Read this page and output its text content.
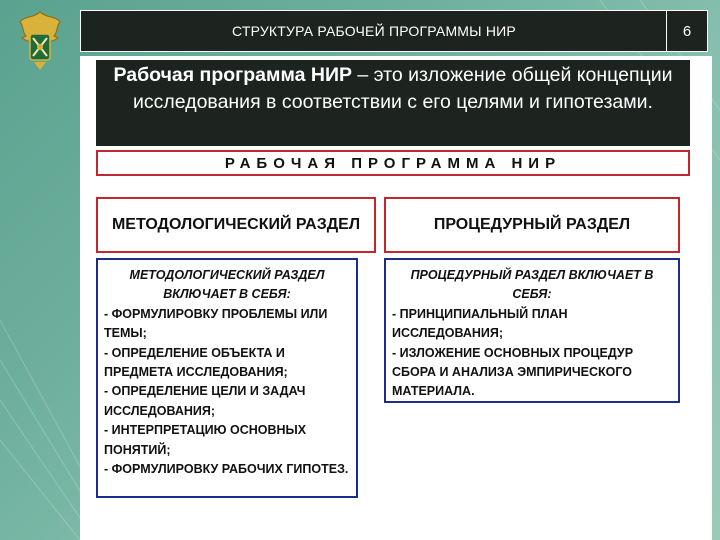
СТРУКТУРА РАБОЧЕЙ ПРОГРАММЫ НИР	6
Рабочая программа НИР – это изложение общей концепции исследования в соответствии с его целями и гипотезами.
РАБОЧАЯ ПРОГРАММА НИР
МЕТОДОЛОГИЧЕСКИЙ РАЗДЕЛ	ПРОЦЕДУРНЫЙ РАЗДЕЛ
МЕТОДОЛОГИЧЕСКИЙ РАЗДЕЛ ВКЛЮЧАЕТ В СЕБЯ:
- ФОРМУЛИРОВКУ ПРОБЛЕМЫ ИЛИ ТЕМЫ;
- ОПРЕДЕЛЕНИЕ ОБЪЕКТА И ПРЕДМЕТА ИССЛЕДОВАНИЯ;
- ОПРЕДЕЛЕНИЕ ЦЕЛИ И ЗАДАЧ ИССЛЕДОВАНИЯ;
- ИНТЕРПРЕТАЦИЮ ОСНОВНЫХ ПОНЯТИЙ;
- ФОРМУЛИРОВКУ РАБОЧИХ ГИПОТЕЗ.
ПРОЦЕДУРНЫЙ РАЗДЕЛ ВКЛЮЧАЕТ В СЕБЯ:
- ПРИНЦИПИАЛЬНЫЙ ПЛАН ИССЛЕДОВАНИЯ;
- ИЗЛОЖЕНИЕ ОСНОВНЫХ ПРОЦЕДУР СБОРА И АНАЛИЗА ЭМПИРИЧЕСКОГО МАТЕРИАЛА.
